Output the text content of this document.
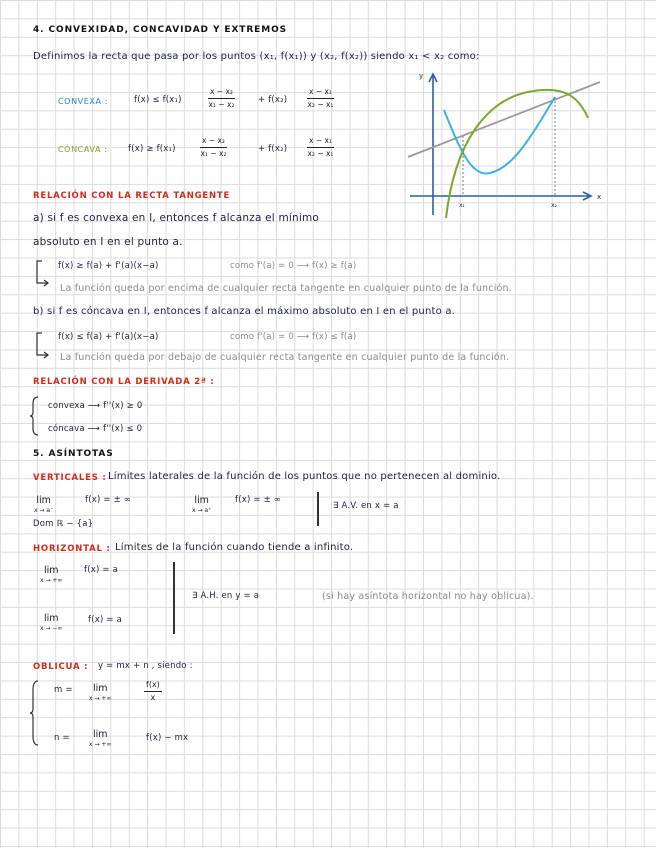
4. CONVEXIDAD, CONCAVIDAD Y EXTREMOS
Definimos la recta que pasa por los puntos (x₁, f(x₁)) y (x₂, f(x₂)) siendo x₁ < x₂ como:
CONVEXA :	f(x) ≤ f(x₁)	$\frac{\text{x − x₂}}{\text{x₁ − x₂}}$	+ f(x₂)	$\frac{\text{x − x₁}}{\text{x₂ − x₁}}$
CÓNCAVA : f(x) ≥ f(x₁)	$\frac{\text{x − x₂}}{\text{x₁ − x₂}}$	+ f(x₂)	$\frac{\text{x − x₁}}{\text{x₂ − x₁}}$
y
x
x₁	x₂
RELACIÓN CON LA RECTA TANGENTE
a) si f es convexa en I, entonces f alcanza el mínimo
absoluto en I en el punto a.
f(x) ≥ f(a) + f'(a)(x−a)	como f'(a) = 0 ⟶ f(x) ≥ f(a)
La función queda por encima de cualquier recta tangente en cualquier punto de la función.
b) si f es cóncava en I, entonces f alcanza el máximo absoluto en I en el punto a.
f(x) ≤ f(a) + f'(a)(x−a)	como f'(a) = 0 ⟶ f(x) ≤ f(a)
La función queda por debajo de cualquier recta tangente en cualquier punto de la función.
RELACIÓN CON LA DERIVADA 2ª :
convexa ⟶ f''(x) ≥ 0
cóncava ⟶ f''(x) ≤ 0
5. ASÍNTOTAS
VERTICALES : Límites laterales de la función de los puntos que no pertenecen al dominio.
lim
x → a⁻
f(x) = ± ∞	lim
x → a⁺
f(x) = ± ∞
∃ A.V. en x = a
Dom ℝ − {a}
HORIZONTAL : Límites de la función cuando tiende a infinito.
lim
x → +∞
f(x) = a
lim
x → −∞
f(x) = a
∃ A.H. en y = a	(si hay asíntota horizontal no hay oblicua).
OBLICUA : y = mx + n , siendo :
m =	lim
x → +∞	$\frac{f(x)}{x}$
n =	lim
x → +∞
f(x) − mx
